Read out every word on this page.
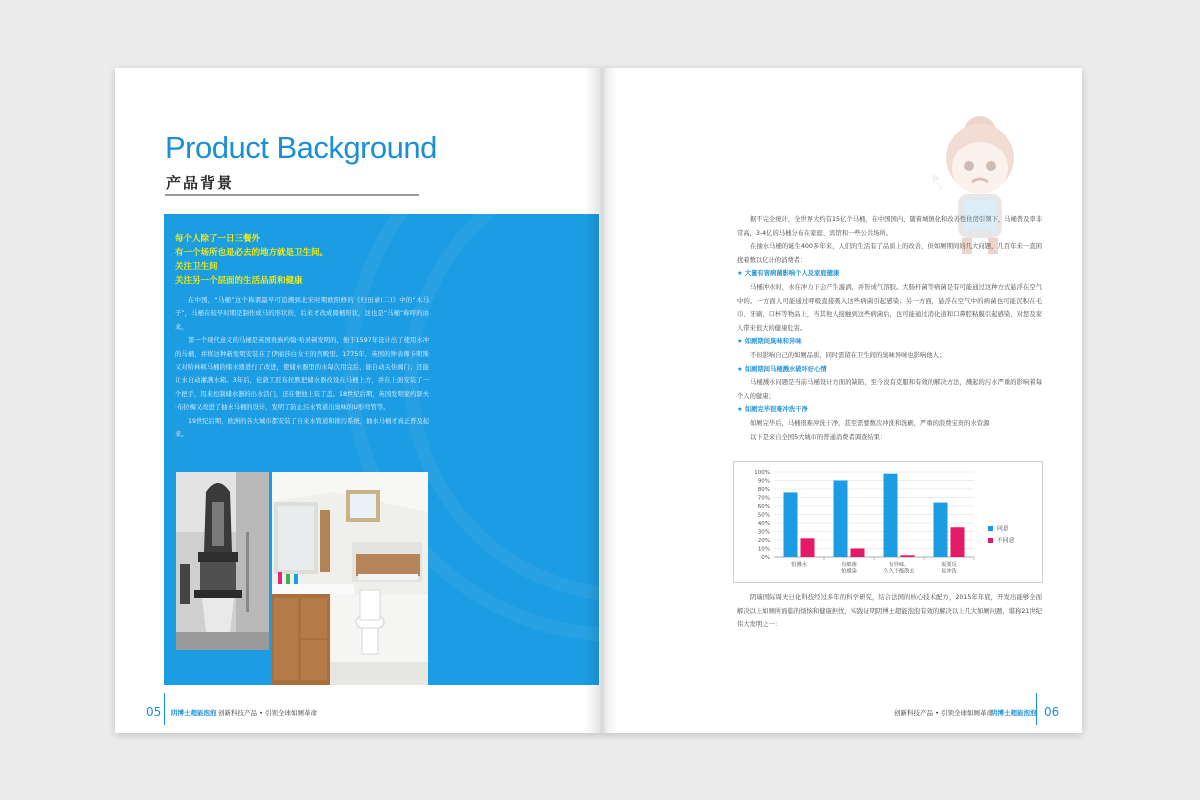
Product Background
产品背景
每个人除了一日三餐外
有一个场所也是必去的地方就是卫生间。
关注卫生间
关注另一个层面的生活品质和健康

在中国，“马桶”这个称谓最早可追溯到北宋时期欧阳修的《归田录(二)》中的“木马子”，马桶在较早时期是制作成马的形状的，后来才改成圆桶形状，这也是“马桶”称呼的由来。

第一个现代意义的马桶是英国贵族约翰·哈灵顿发明的，他于1597年设计出了使用水冲的马桶，并将这种新发明安装在了伊丽莎白女王的宫殿里。1775年，英国的钟表师卡明斯又对哈林顿马桶的储水器进行了改进，使储水器里的水每次用完后，能自动关住阀门；还能让水自动灌满水箱。3年后，伦敦工匠布拉默把储水器改设在马桶上方，并在上面安装了一个把手，用来控制储水器的出水活门，还在便池上装了盖。18世纪后期，英国发明家约瑟夫·布拉梅又改进了抽水马桶的设计，发明了防止污水管道出臭味的U形弯管等。

19世纪后期，欧洲的各大城市都安装了自来水管道和排污系统，抽水马桶才真正普及起来。

05 阴博士超能泡泡 创新科技产品 • 引领全球如厕革命
哎~~

据不完全统计，全世界大约有15亿个马桶，在中国国内，随着城镇化和改善性住房引领下，马桶普及率非常高，3-4亿的马桶分布在家庭、宾馆和一些公共场所。

在抽水马桶的诞生400多年来，人们的生活有了品质上的改善，但如厕期间的几大问题，几百年来一直困扰着数以亿计的消费者：

★ 大量有害病菌影响个人及家庭健康

马桶冲水时，水在冲力下会产生漩涡，并形成气溶胶。大肠杆菌等病菌是有可能通过这种方式悬浮在空气中的。一方面人可能通过呼吸直接吸入这些病菌引起感染；另一方面，悬浮在空气中的病菌也可能沉积在毛巾、牙刷、口杯等物品上，当其他人接触到这些病菌后，也可能通过消化道和口鼻腔粘膜引起感染，对您及家人带来很大的健康危害。

★ 如厕期间臭味和异味

不但影响自己的如厕品质，同时需留在卫生间的臭味异味也影响他人；

★ 如厕期间马桶溅水破坏好心情

马桶溅水问题是当前马桶设计方面的缺陷，至今没有克服和有效的解决方法，溅起的污水严重的影响着每个人的健康；

★ 如厕完毕很难冲洗干净

如厕完毕后，马桶很难冲洗干净，甚至需要数次冲洗和洗刷，严重的浪费宝贵的水资源

以下是来自全国5大城市的普通消费者调查结果：

0%
10%
20%
30%
40%
50%
60%
70%
80%
90%
100%
怕溅水	有细菌
怕感染
有异味，
久久不能散去
需要反
复冲洗
同意
不同意

阴瑞国际周夫日化科技经过多年的科学研究，结合法国的核心技术配方，2015年年底，开发出能够全面解决以上如厕所面临的烦恼和健康担忧，实践证明阴博士超能泡泡有效的解决以上几大如厕问题，堪称21世纪伟大发明之一：

创新科技产品 • 引领全球如厕革命
阴博士超能泡泡 06
